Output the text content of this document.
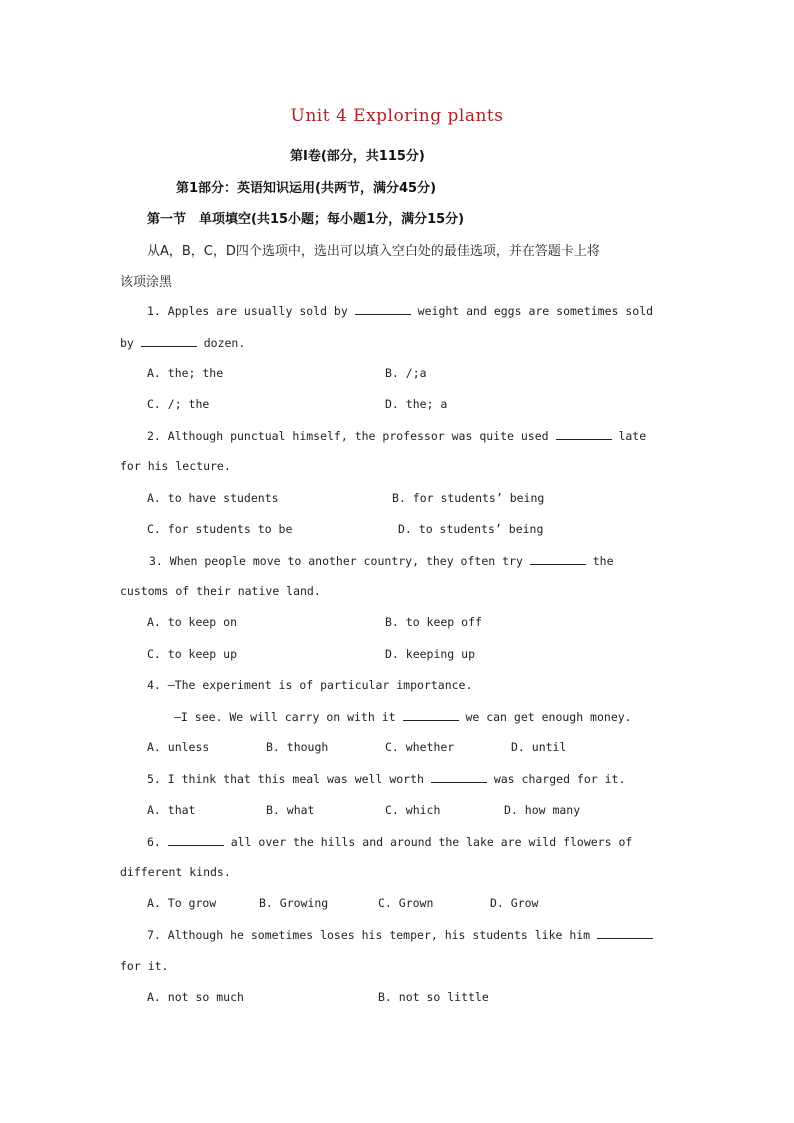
Unit 4 Exploring plants
第Ⅰ卷(部分，共115分)
第1部分：英语知识运用(共两节，满分45分)
第一节　单项填空(共15小题；每小题1分，满分15分)
从A，B，C，D四个选项中，选出可以填入空白处的最佳选项，并在答题卡上将
该项涂黑
1. Apples are usually sold by	weight and eggs are sometimes sold
by	dozen.
A. the; the	B. /;a
C. /; the	D. the; a
2. Although punctual himself, the professor was quite used	late
for his lecture.
A. to have students	B. for students’ being
C. for students to be	D. to students’ being
3. When people move to another country, they often try	the
customs of their native land.
A. to keep on	B. to keep off
C. to keep up	D. keeping up
4. —The experiment is of particular importance.
—I see. We will carry on with it	we can get enough money.
A. unless	B. though	C. whether	D. until
5. I think that this meal was well worth	was charged for it.
A. that	B. what	C. which	D. how many
6.	all over the hills and around the lake are wild flowers of
different kinds.
A. To grow	B. Growing	C. Grown	D. Grow
7. Although he sometimes loses his temper, his students like him
for it.
A. not so much	B. not so little
